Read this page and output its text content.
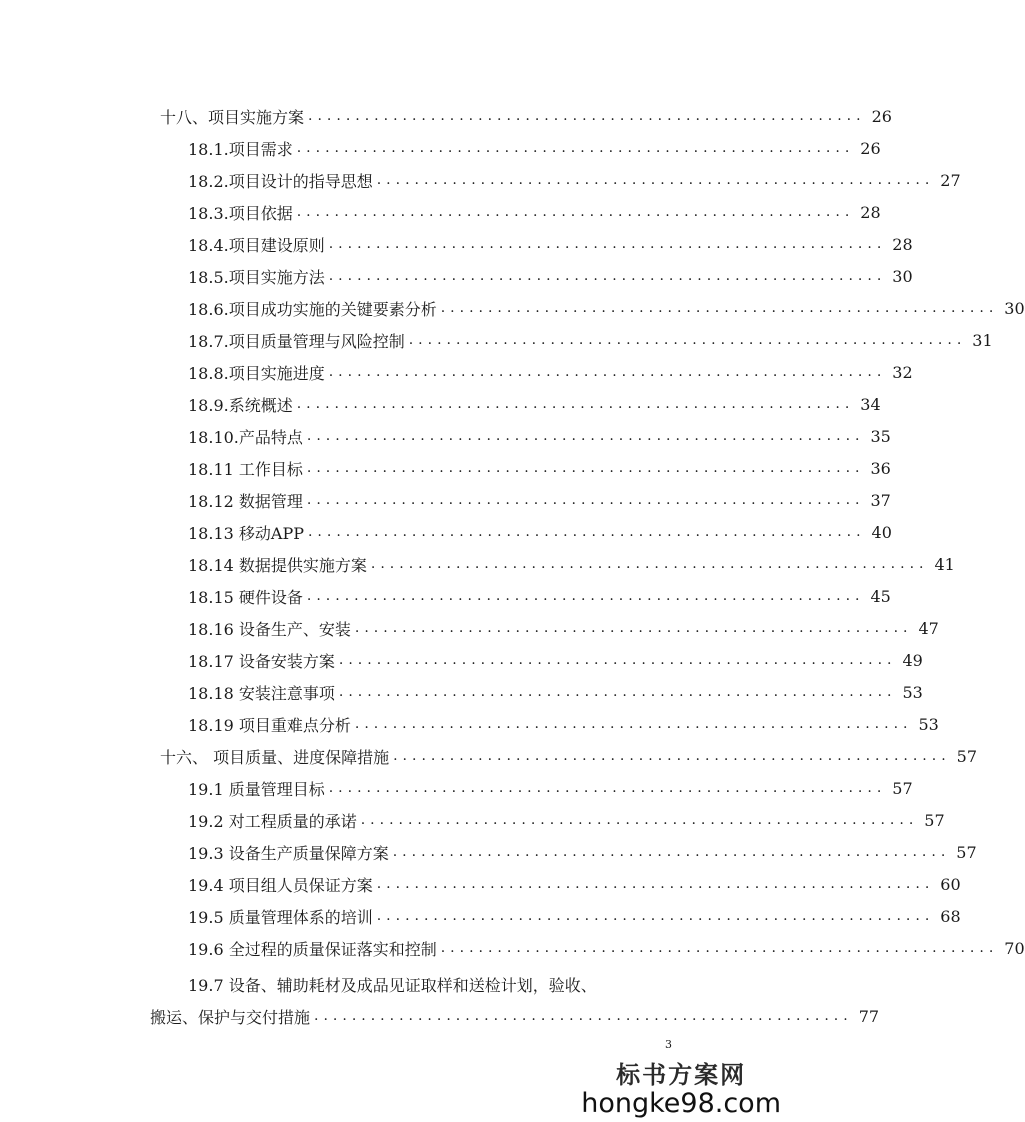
十八、项目实施方案 ........................................................... 26
18.1.项目需求 ........................................................... 26
18.2.项目设计的指导思想 ........................................................... 27
18.3.项目依据 ........................................................... 28
18.4.项目建设原则 ........................................................... 28
18.5.项目实施方法 ........................................................... 30
18.6.项目成功实施的关键要素分析 ........................................................... 30
18.7.项目质量管理与风险控制 ........................................................... 31
18.8.项目实施进度 ........................................................... 32
18.9.系统概述 ........................................................... 34
18.10.产品特点 ........................................................... 35
18.11 工作目标 ........................................................... 36
18.12 数据管理 ........................................................... 37
18.13 移动APP ........................................................... 40
18.14 数据提供实施方案 ........................................................... 41
18.15 硬件设备 ........................................................... 45
18.16 设备生产、安装 ........................................................... 47
18.17 设备安装方案 ........................................................... 49
18.18 安装注意事项 ........................................................... 53
18.19 项目重难点分析 ........................................................... 53
十六、 项目质量、进度保障措施 ........................................................... 57
19.1 质量管理目标 ........................................................... 57
19.2 对工程质量的承诺 ........................................................... 57
19.3 设备生产质量保障方案 ........................................................... 57
19.4 项目组人员保证方案 ........................................................... 60
19.5 质量管理体系的培训 ........................................................... 68
19.6 全过程的质量保证落实和控制 ........................................................... 70
19.7 设备、辅助耗材及成品见证取样和送检计划，验收、
搬运、保护与交付措施 ......................................................... 77
3
标书方案网
hongke98.com
